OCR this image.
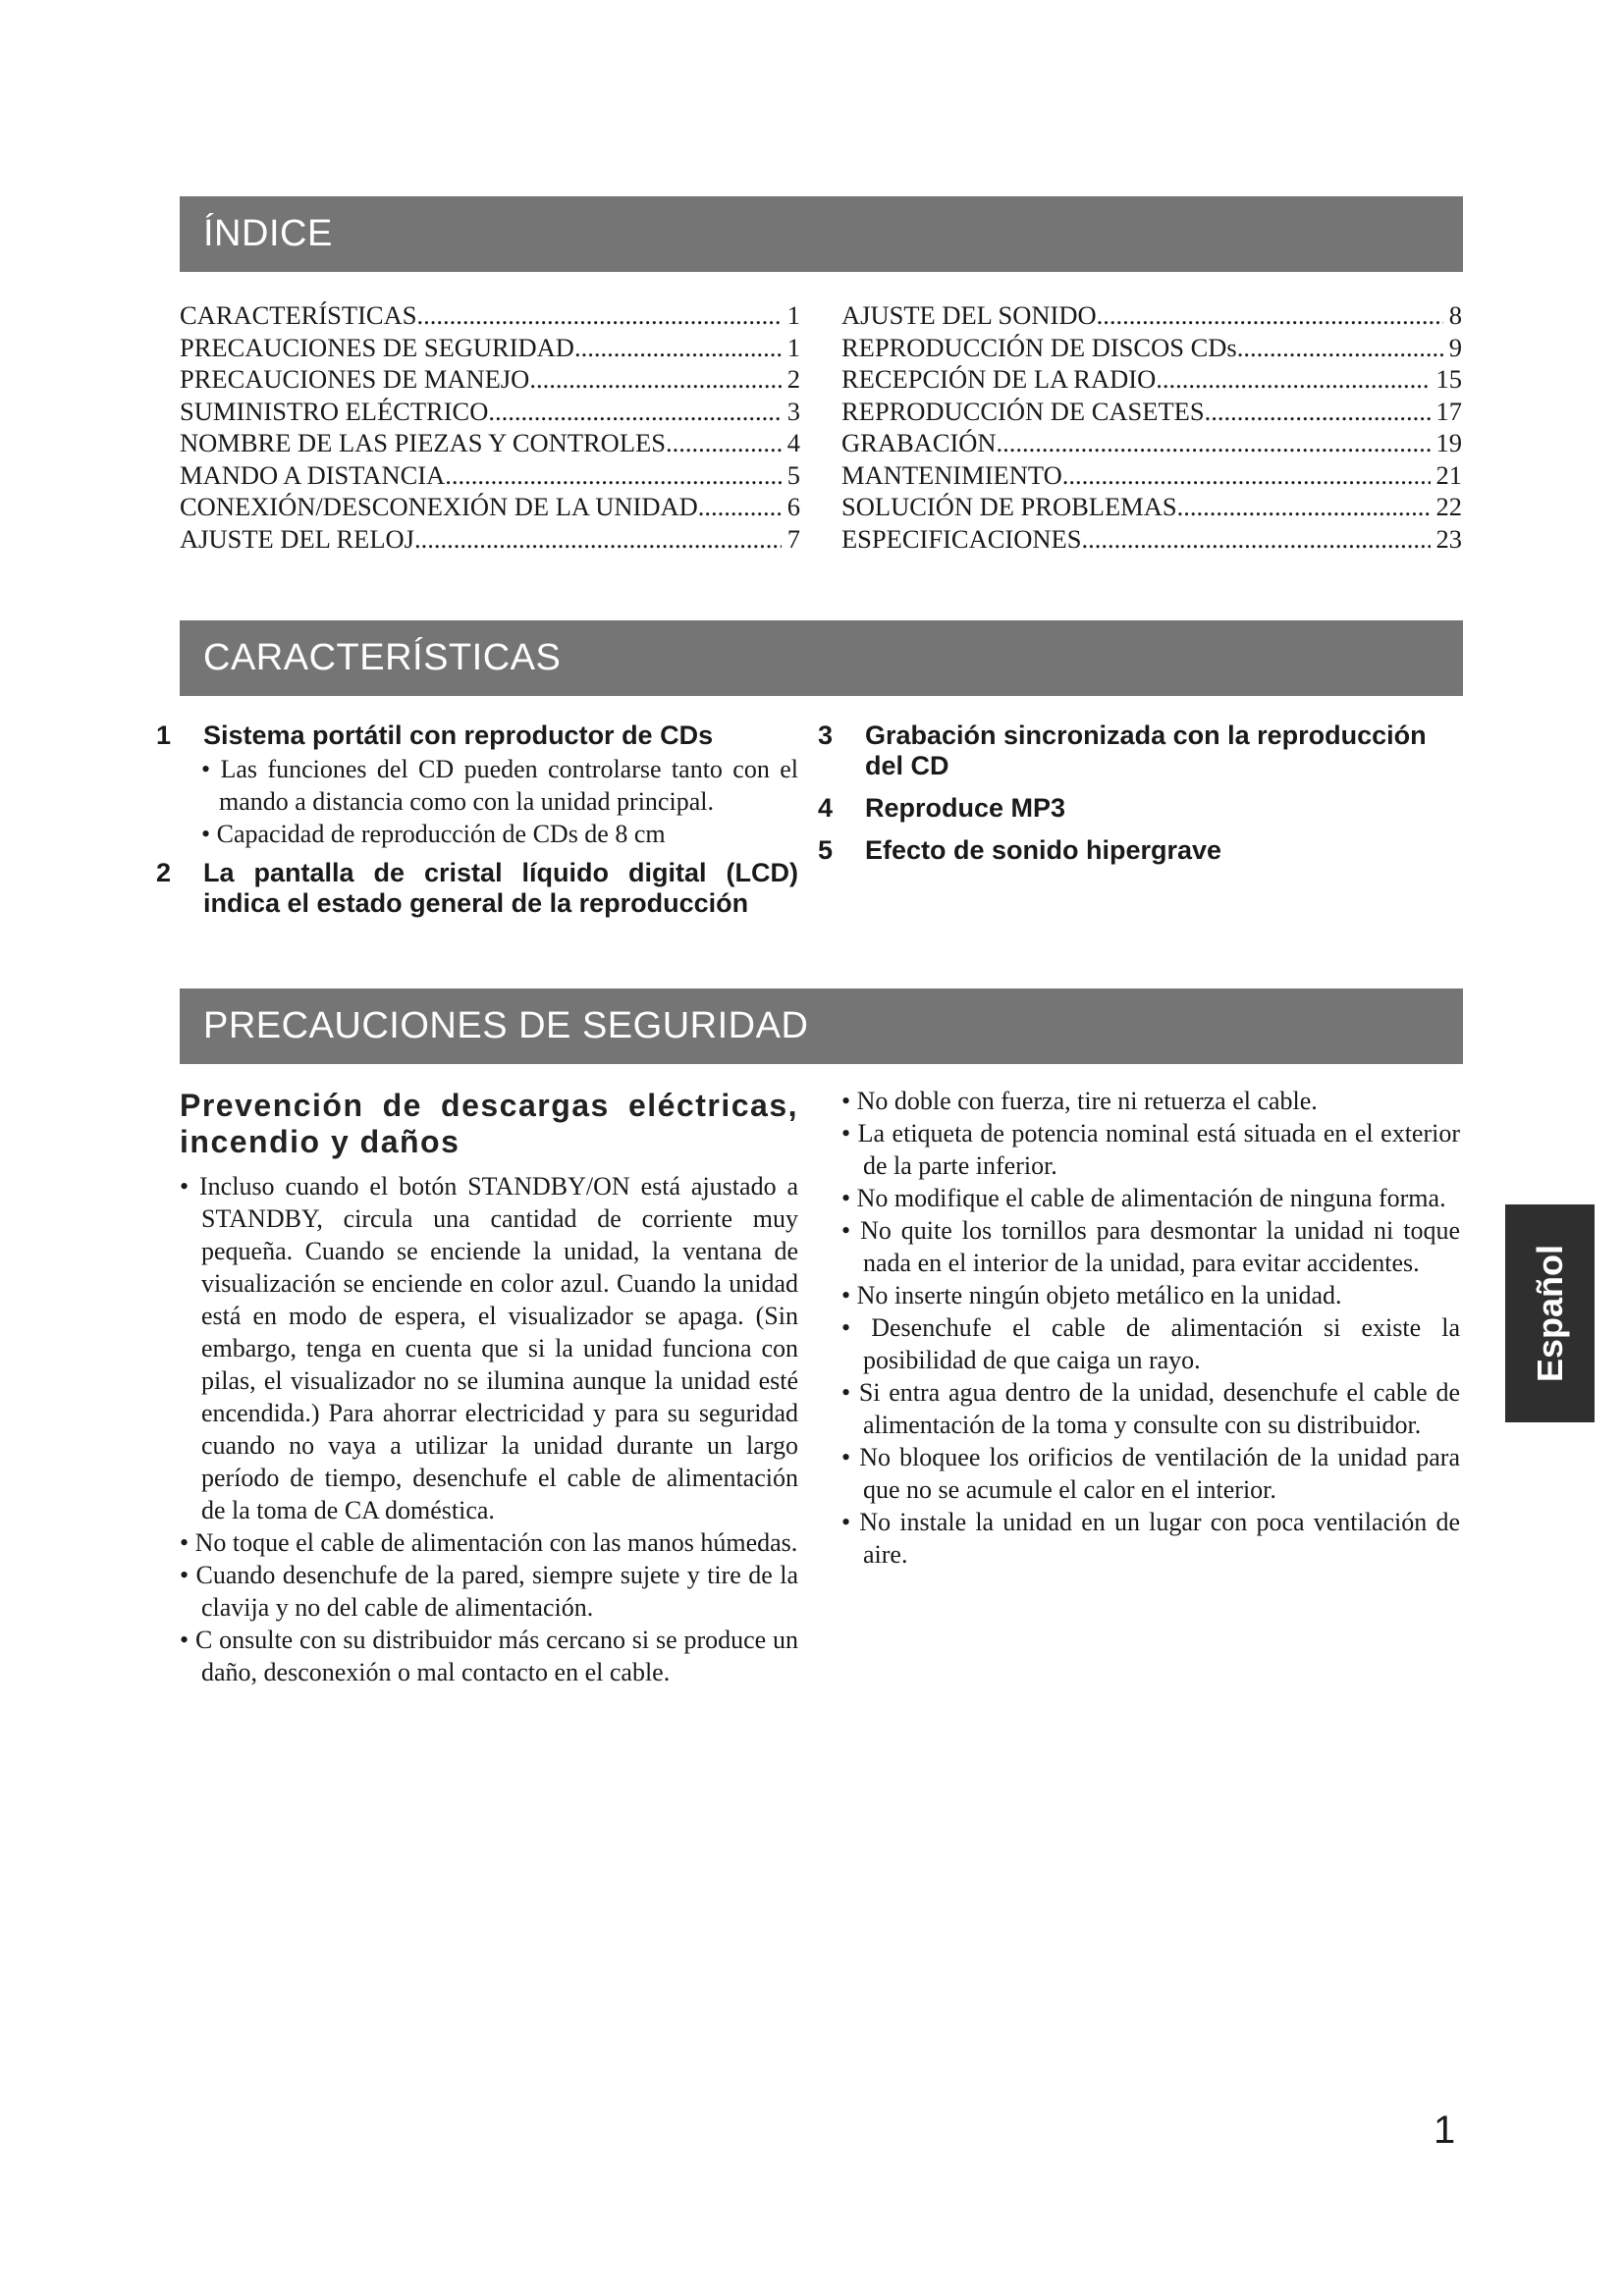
ÍNDICE
CARACTERÍSTICAS .....	1
PRECAUCIONES DE SEGURIDAD .....	1
PRECAUCIONES DE MANEJO .....	2
SUMINISTRO ELÉCTRICO .....	3
NOMBRE DE LAS PIEZAS Y CONTROLES .....	4
MANDO A DISTANCIA .....	5
CONEXIÓN/DESCONEXIÓN DE LA UNIDAD .....	6
AJUSTE DEL RELOJ .....	7
AJUSTE DEL SONIDO .....	8
REPRODUCCIÓN DE DISCOS CDs .....	9
RECEPCIÓN DE LA RADIO .....	15
REPRODUCCIÓN DE CASETES .....	17
GRABACIÓN .....	19
MANTENIMIENTO .....	21
SOLUCIÓN DE PROBLEMAS .....	22
ESPECIFICACIONES .....	23
CARACTERÍSTICAS
1 Sistema portátil con reproductor de CDs
• Las funciones del CD pueden controlarse tanto con el mando a distancia como con la unidad principal.
• Capacidad de reproducción de CDs de 8 cm
2 La pantalla de cristal líquido digital (LCD) indica el estado general de la reproducción
3 Grabación sincronizada con la reproducción del CD
4 Reproduce MP3
5 Efecto de sonido hipergrave
PRECAUCIONES DE SEGURIDAD
Prevención de descargas eléctricas, incendio y daños

• Incluso cuando el botón STANDBY/ON está ajustado a STANDBY, circula una cantidad de corriente muy pequeña. Cuando se enciende la unidad, la ventana de visualización se enciende en color azul. Cuando la unidad está en modo de espera, el visualizador se apaga. (Sin embargo, tenga en cuenta que si la unidad funciona con pilas, el visualizador no se ilumina aunque la unidad esté encendida.) Para ahorrar electricidad y para su seguridad cuando no vaya a utilizar la unidad durante un largo período de tiempo, desenchufe el cable de alimentación de la toma de CA doméstica.

• No toque el cable de alimentación con las manos húmedas.

• Cuando desenchufe de la pared, siempre sujete y tire de la clavija y no del cable de alimentación.

• C onsulte con su distribuidor más cercano si se produce un daño, desconexión o mal contacto en el cable.

• No doble con fuerza, tire ni retuerza el cable.

• La etiqueta de potencia nominal está situada en el exterior de la parte inferior.

• No modifique el cable de alimentación de ninguna forma.

• No quite los tornillos para desmontar la unidad ni toque nada en el interior de la unidad, para evitar accidentes.

• No inserte ningún objeto metálico en la unidad.

• Desenchufe el cable de alimentación si existe la posibilidad de que caiga un rayo.

• Si entra agua dentro de la unidad, desenchufe el cable de alimentación de la toma y consulte con su distribuidor.

• No bloquee los orificios de ventilación de la unidad para que no se acumule el calor en el interior.

• No instale la unidad en un lugar con poca ventilación de aire.

Español
1
